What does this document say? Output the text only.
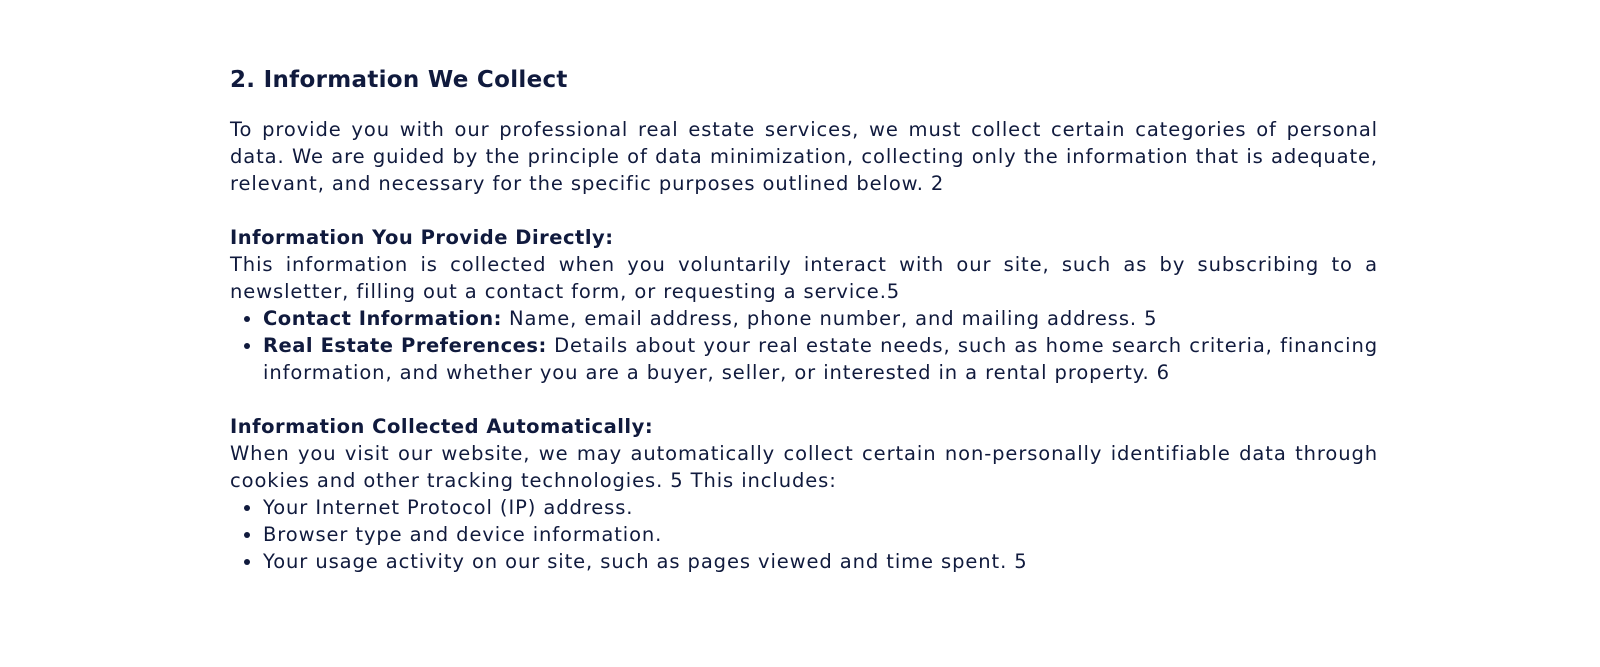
2. Information We Collect

To provide you with our professional real estate services, we must collect certain categories of personal data. We are guided by the principle of data minimization, collecting only the information that is adequate, relevant, and necessary for the specific purposes outlined below. 2

Information You Provide Directly:

This information is collected when you voluntarily interact with our site, such as by subscribing to a newsletter, filling out a contact form, or requesting a service.5

• Contact Information: Name, email address, phone number, and mailing address. 5
• Real Estate Preferences: Details about your real estate needs, such as home search criteria, financing information, and whether you are a buyer, seller, or interested in a rental property. 6
Information Collected Automatically:

When you visit our website, we may automatically collect certain non-personally identifiable data through cookies and other tracking technologies. 5 This includes:

• Your Internet Protocol (IP) address.
• Browser type and device information.
• Your usage activity on our site, such as pages viewed and time spent. 5
